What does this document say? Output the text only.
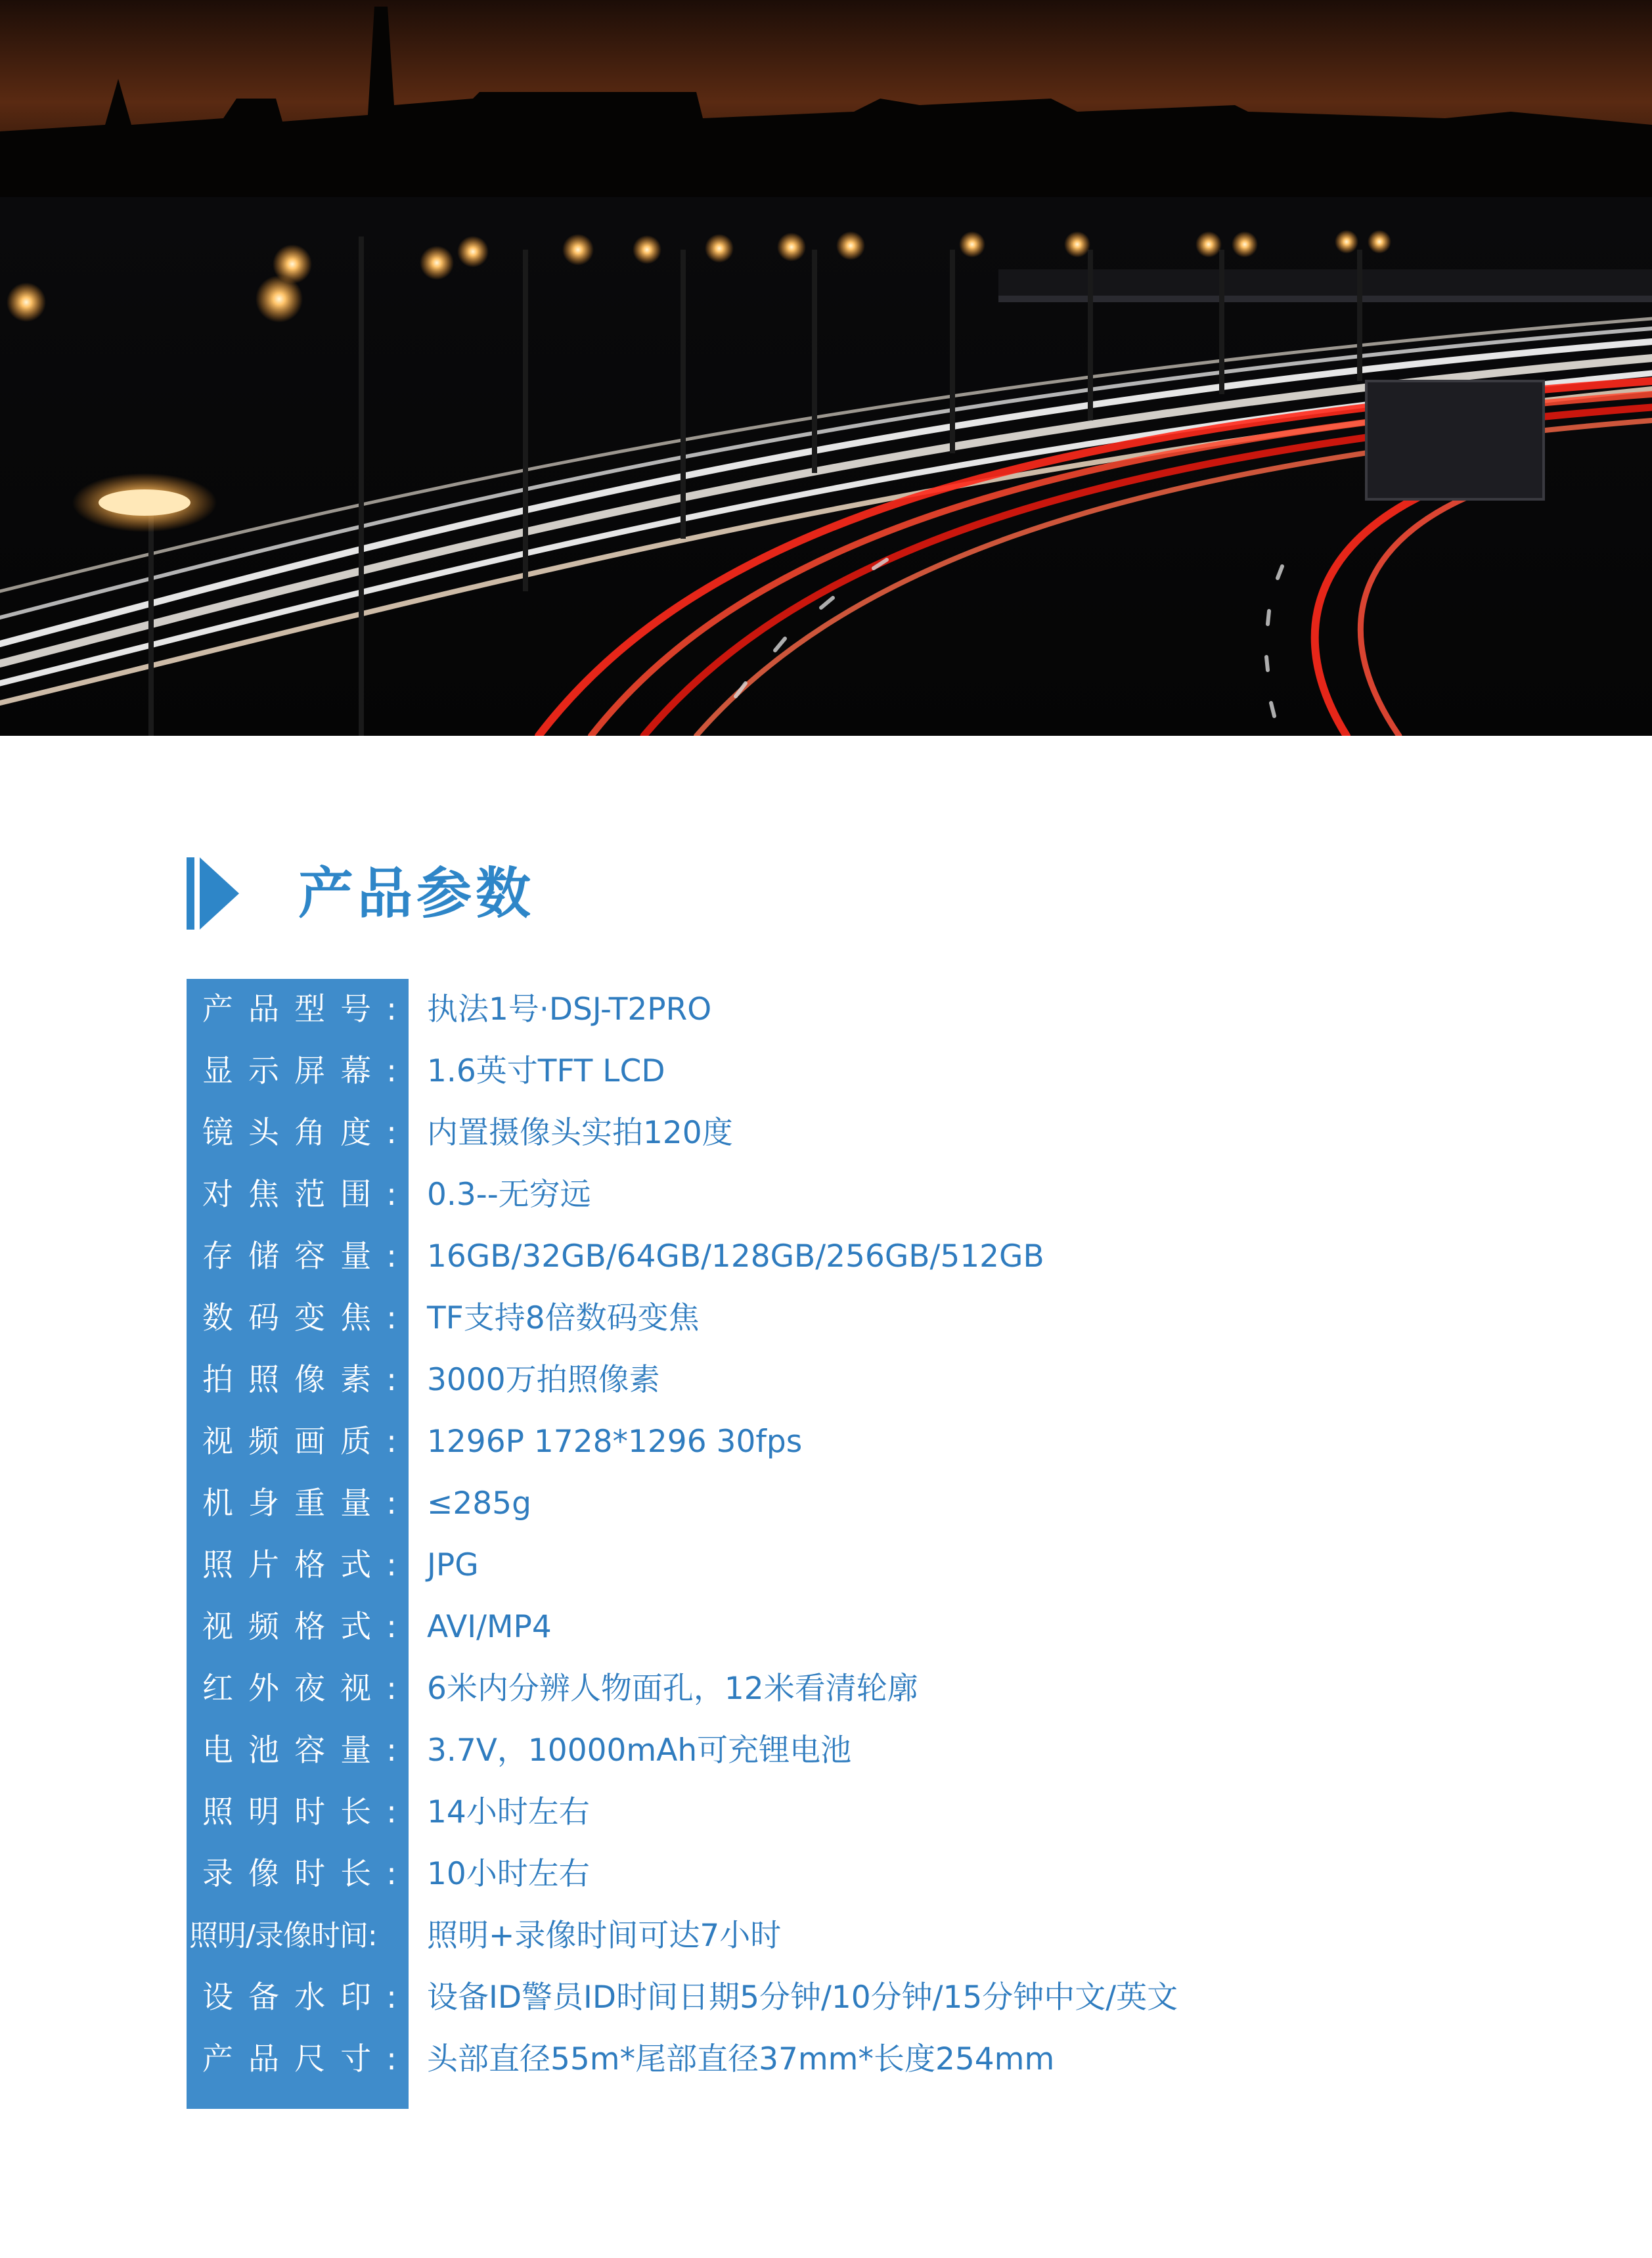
产品参数
产品型号: 执法1号·DSJ-T2PRO
显示屏幕: 1.6英寸TFT LCD
镜头角度: 内置摄像头实拍120度
对焦范围: 0.3--无穷远
存储容量: 16GB/32GB/64GB/128GB/256GB/512GB
数码变焦: TF支持8倍数码变焦
拍照像素: 3000万拍照像素
视频画质: 1296P 1728*1296 30fps
机身重量: ≤285g
照片格式: JPG
视频格式: AVI/MP4
红外夜视: 6米内分辨人物面孔，12米看清轮廓
电池容量: 3.7V，10000mAh可充锂电池
照明时长: 14小时左右
录像时长: 10小时左右
照明/录像时间:	照明+录像时间可达7小时
设备水印: 设备ID警员ID时间日期5分钟/10分钟/15分钟中文/英文
产品尺寸: 头部直径55m*尾部直径37mm*长度254mm
